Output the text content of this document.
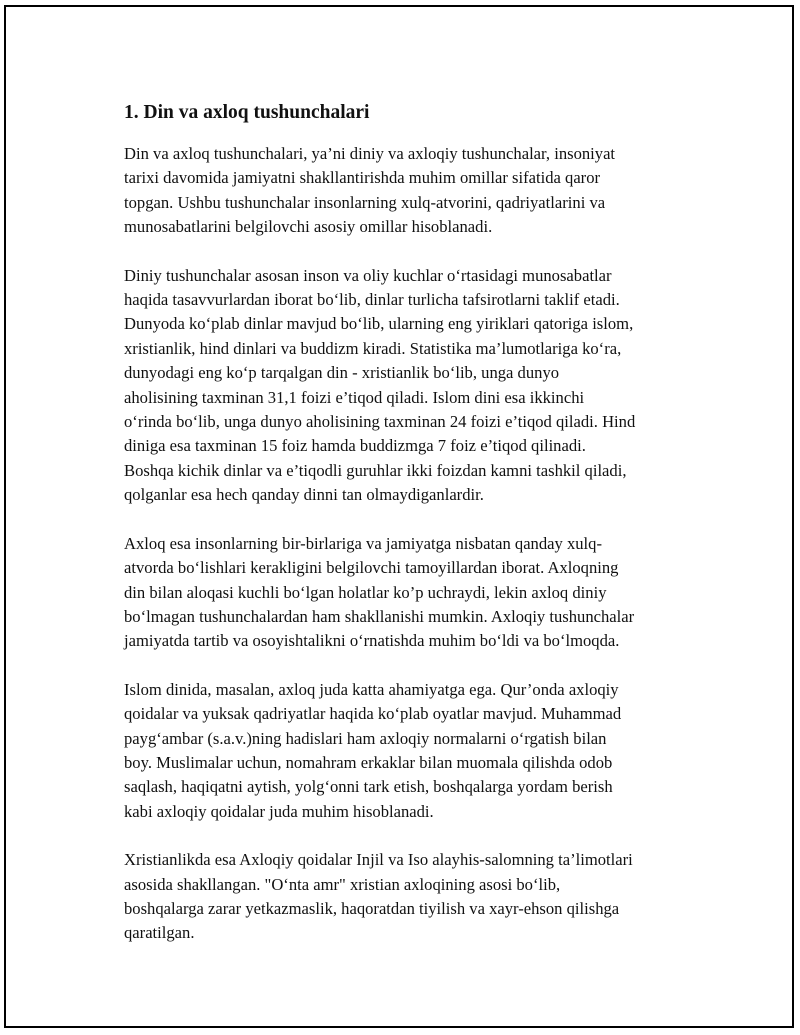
1. Din va axloq tushunchalari
Din va axloq tushunchalari, ya’ni diniy va axloqiy tushunchalar, insoniyat
tarixi davomida jamiyatni shakllantirishda muhim omillar sifatida qaror
topgan. Ushbu tushunchalar insonlarning xulq-atvorini, qadriyatlarini va
munosabatlarini belgilovchi asosiy omillar hisoblanadi.
Diniy tushunchalar asosan inson va oliy kuchlar o‘rtasidagi munosabatlar
haqida tasavvurlardan iborat bo‘lib, dinlar turlicha tafsirotlarni taklif etadi.
Dunyoda ko‘plab dinlar mavjud bo‘lib, ularning eng yiriklari qatoriga islom,
xristianlik, hind dinlari va buddizm kiradi. Statistika ma’lumotlariga ko‘ra,
dunyodagi eng ko‘p tarqalgan din - xristianlik bo‘lib, unga dunyo
aholisining taxminan 31,1 foizi e’tiqod qiladi. Islom dini esa ikkinchi
o‘rinda bo‘lib, unga dunyo aholisining taxminan 24 foizi e’tiqod qiladi. Hind
diniga esa taxminan 15 foiz hamda buddizmga 7 foiz e’tiqod qilinadi.
Boshqa kichik dinlar va e’tiqodli guruhlar ikki foizdan kamni tashkil qiladi,
qolganlar esa hech qanday dinni tan olmaydiganlardir.
Axloq esa insonlarning bir-birlariga va jamiyatga nisbatan qanday xulq-
atvorda bo‘lishlari kerakligini belgilovchi tamoyillardan iborat. Axloqning
din bilan aloqasi kuchli bo‘lgan holatlar ko’p uchraydi, lekin axloq diniy
bo‘lmagan tushunchalardan ham shakllanishi mumkin. Axloqiy tushunchalar
jamiyatda tartib va osoyishtalikni o‘rnatishda muhim bo‘ldi va bo‘lmoqda.
Islom dinida, masalan, axloq juda katta ahamiyatga ega. Qur’onda axloqiy
qoidalar va yuksak qadriyatlar haqida ko‘plab oyatlar mavjud. Muhammad
payg‘ambar (s.a.v.)ning hadislari ham axloqiy normalarni o‘rgatish bilan
boy. Muslimalar uchun, nomahram erkaklar bilan muomala qilishda odob
saqlash, haqiqatni aytish, yolg‘onni tark etish, boshqalarga yordam berish
kabi axloqiy qoidalar juda muhim hisoblanadi.
Xristianlikda esa Axloqiy qoidalar Injil va Iso alayhis-salomning ta’limotlari
asosida shakllangan. "O‘nta amr" xristian axloqining asosi bo‘lib,
boshqalarga zarar yetkazmaslik, haqoratdan tiyilish va xayr-ehson qilishga
qaratilgan.
